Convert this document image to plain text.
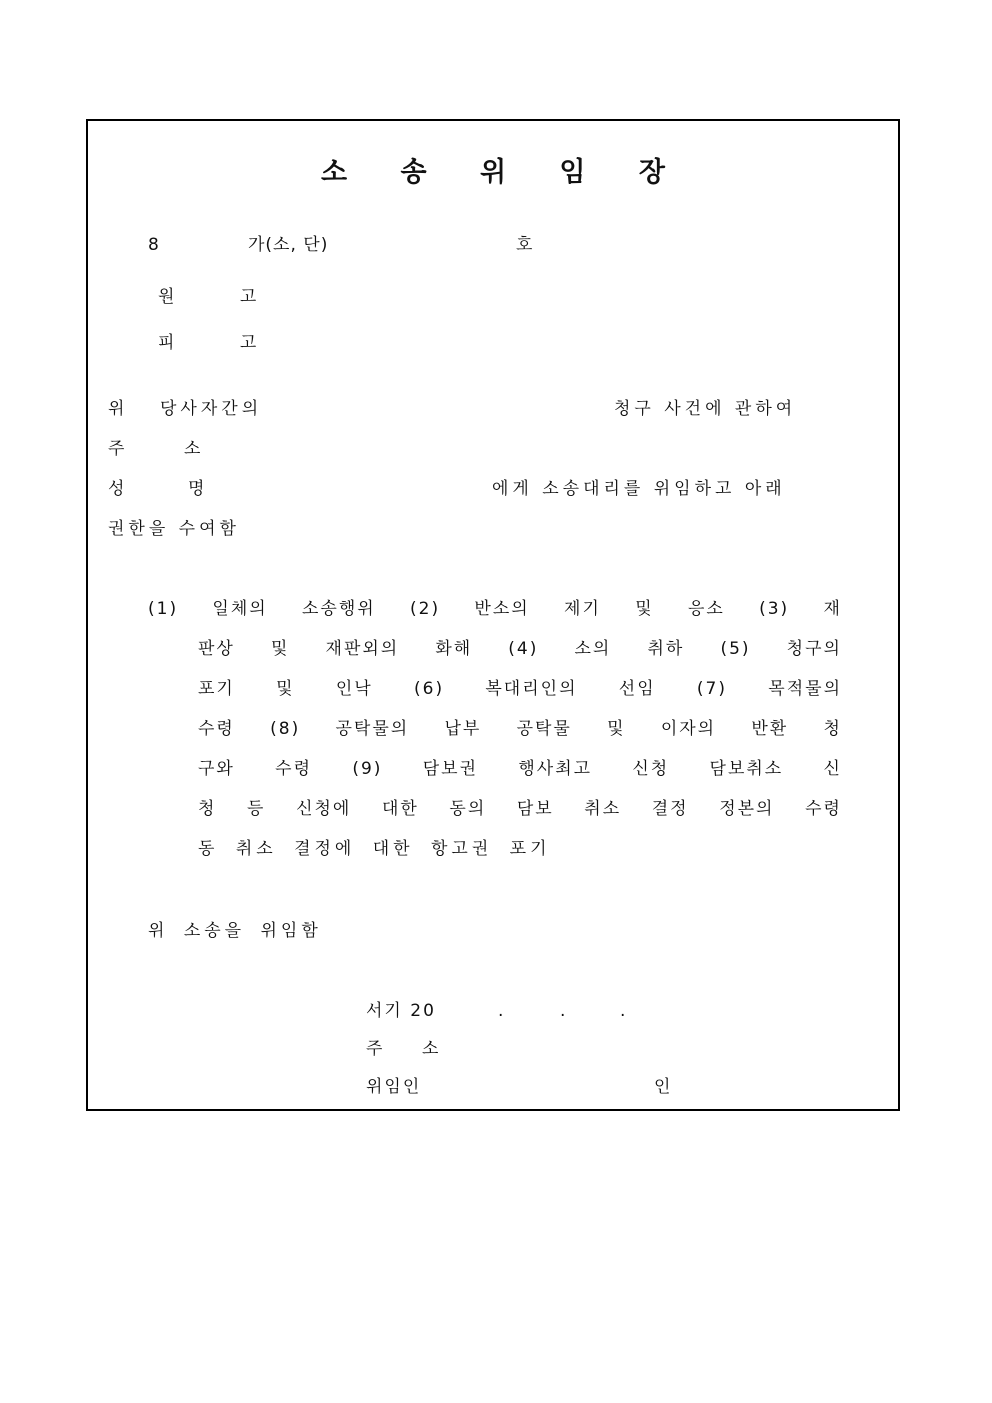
소 송 위 임 장
8	가(소, 단)	호
원 고
피 고
위 당사자간의	청구 사건에 관하여
주	소
성	명	에게 소송대리를 위임하고 아래
권한을 수여함
(1) 일체의 소송행위 (2) 반소의 제기 및 응소 (3) 재
판상 및 재판외의 화해 (4) 소의 취하 (5) 청구의
포기 및 인낙 (6) 복대리인의 선임 (7) 목적물의
수령 (8) 공탁물의 납부 공탁물 및 이자의 반환 청
구와 수령 (9) 담보권 행사최고 신청 담보취소 신
청 등 신청에 대한 동의 담보 취소 결정 정본의 수령
동 취소 결정에 대한 항고권 포기
위 소송을 위임함
서기 20	.	.	.
주 소
위임인	인
